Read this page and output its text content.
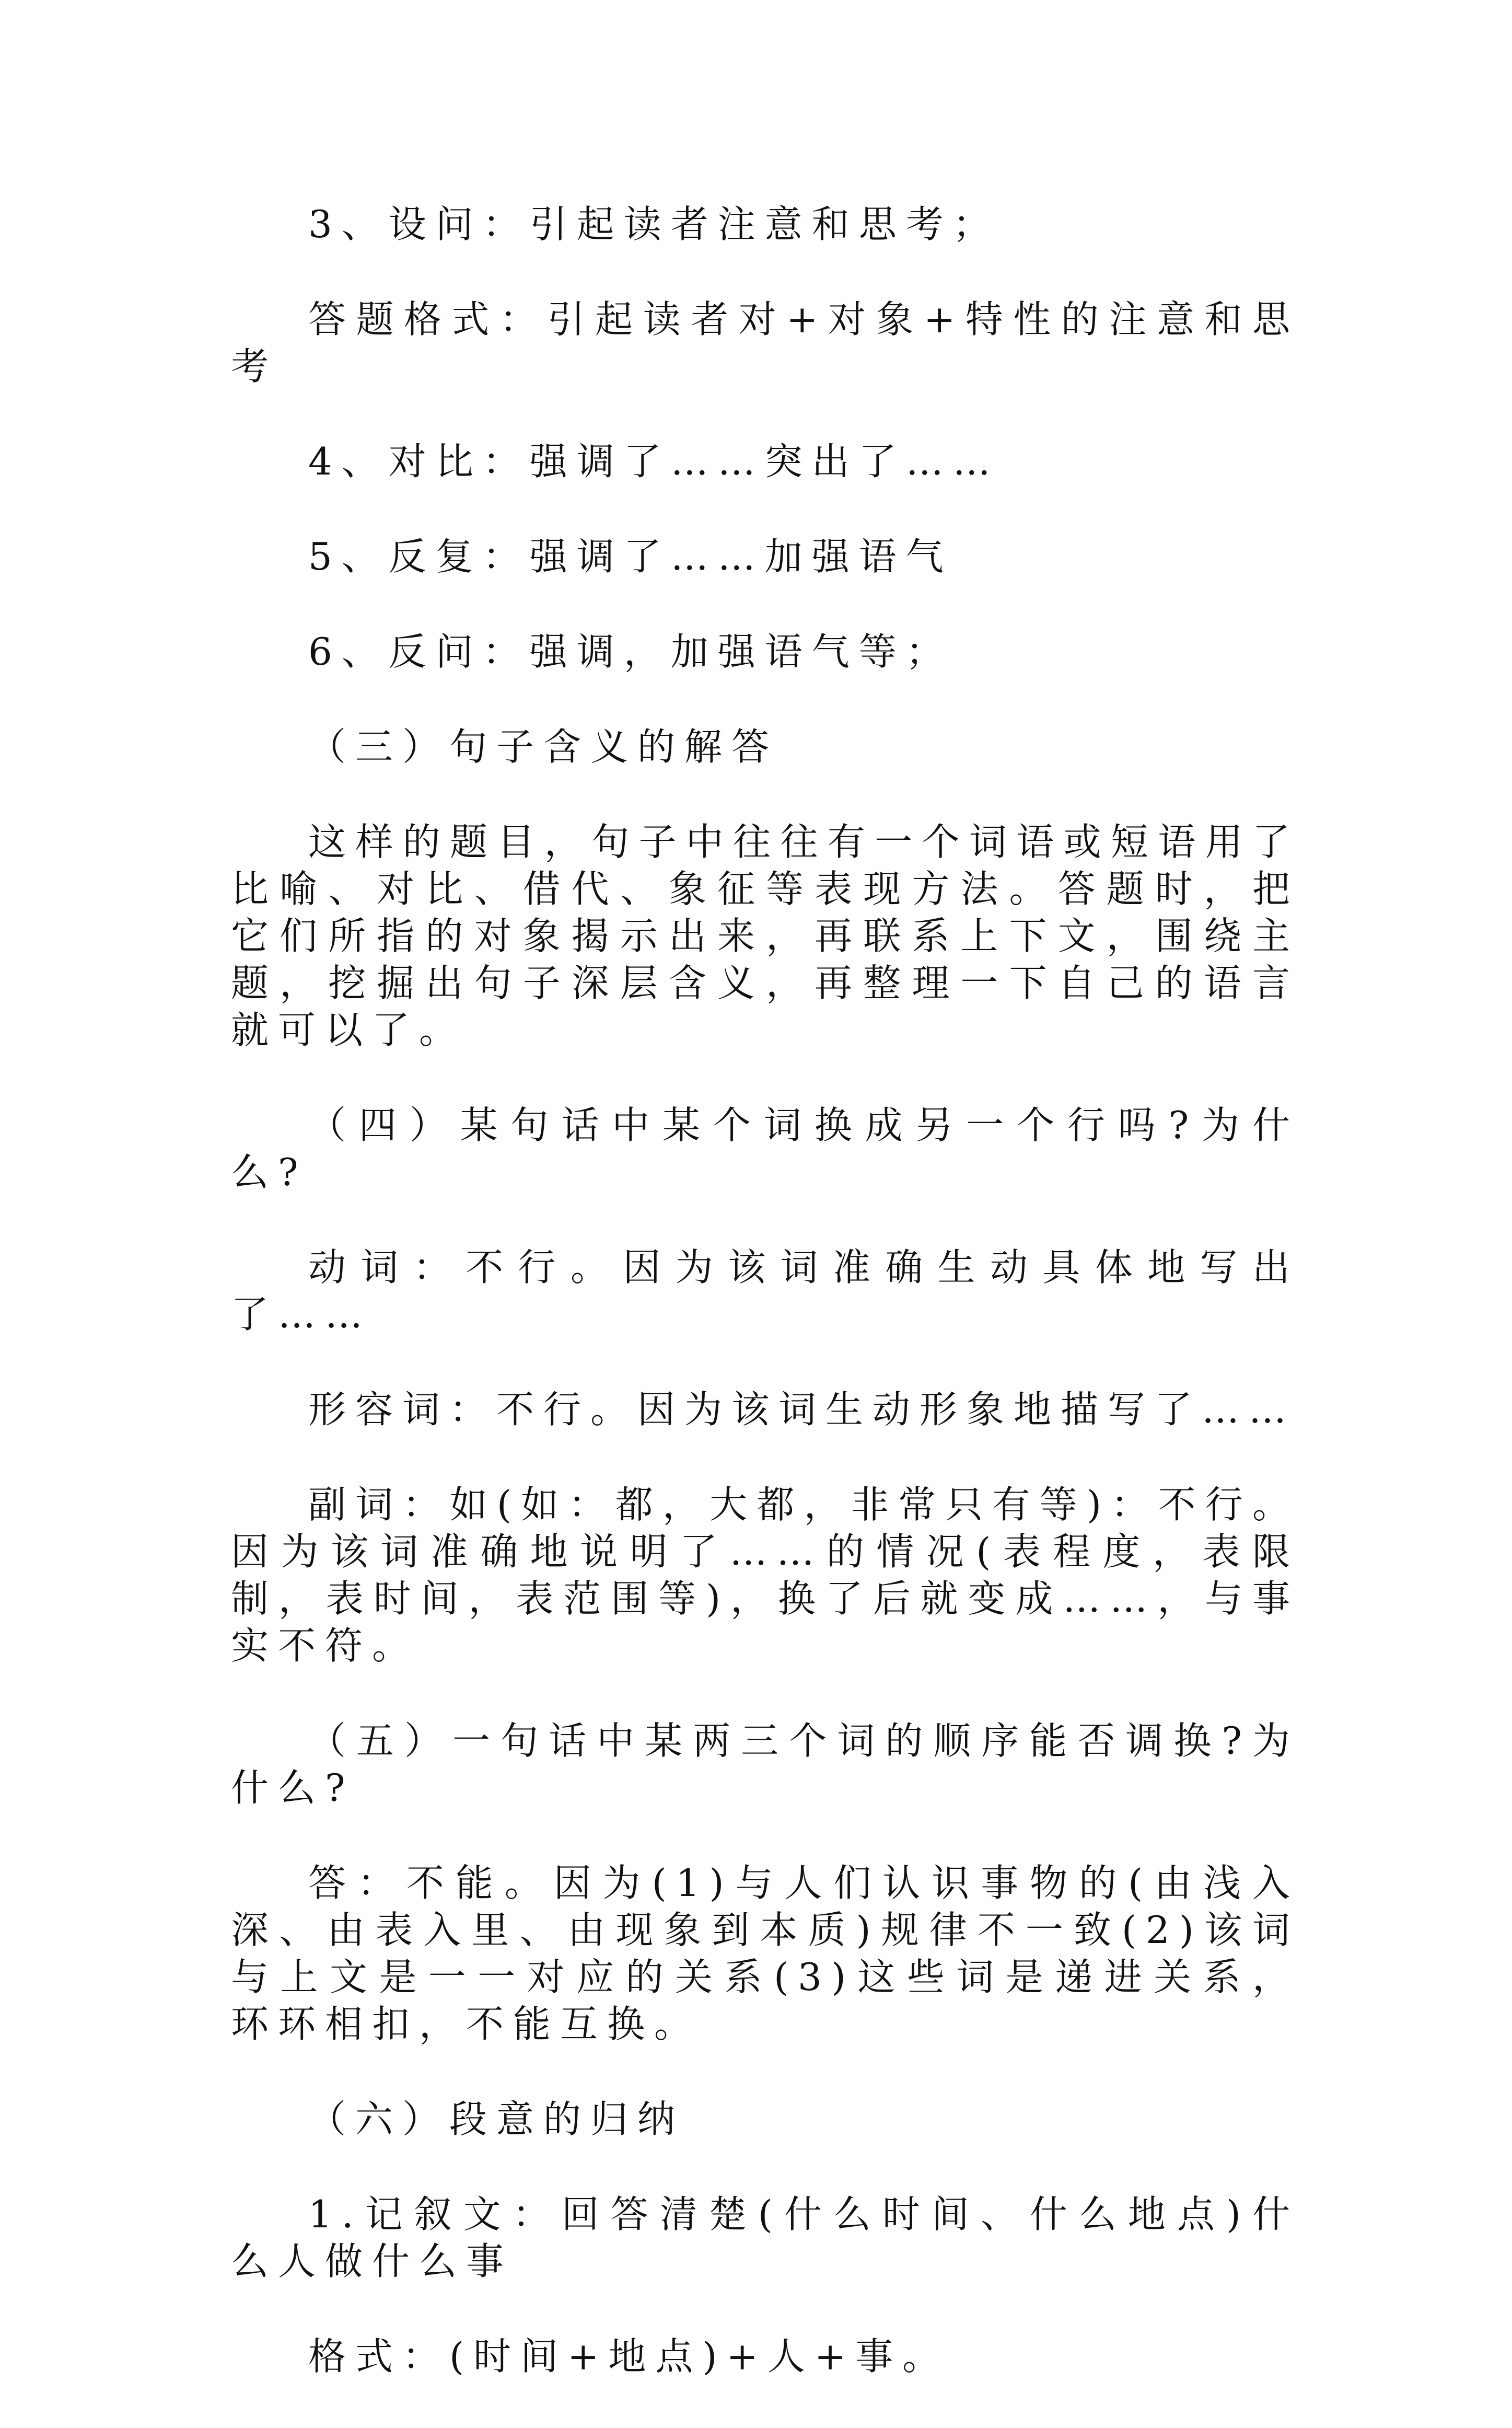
3、设问：引起读者注意和思考；

答题格式：引起读者对+对象+特性的注意和思考

4、对比：强调了……突出了……

5、反复：强调了……加强语气

6、反问：强调，加强语气等；

（三）句子含义的解答

这样的题目，句子中往往有一个词语或短语用了比喻、对比、借代、象征等表现方法。答题时，把它们所指的对象揭示出来，再联系上下文，围绕主题，挖掘出句子深层含义，再整理一下自己的语言就可以了。

（四）某句话中某个词换成另一个行吗?为什么?

动词：不行。因为该词准确生动具体地写出了……

形容词：不行。因为该词生动形象地描写了……

副词：如(如：都，大都，非常只有等)：不行。因为该词准确地说明了……的情况(表程度，表限制，表时间，表范围等)，换了后就变成……，与事实不符。

（五）一句话中某两三个词的顺序能否调换?为什么?

答：不能。因为(1)与人们认识事物的(由浅入深、由表入里、由现象到本质)规律不一致(2)该词与上文是一一对应的关系(3)这些词是递进关系，环环相扣，不能互换。

（六）段意的归纳

1.记叙文：回答清楚(什么时间、什么地点)什么人做什么事

格式：(时间+地点)+人+事。
